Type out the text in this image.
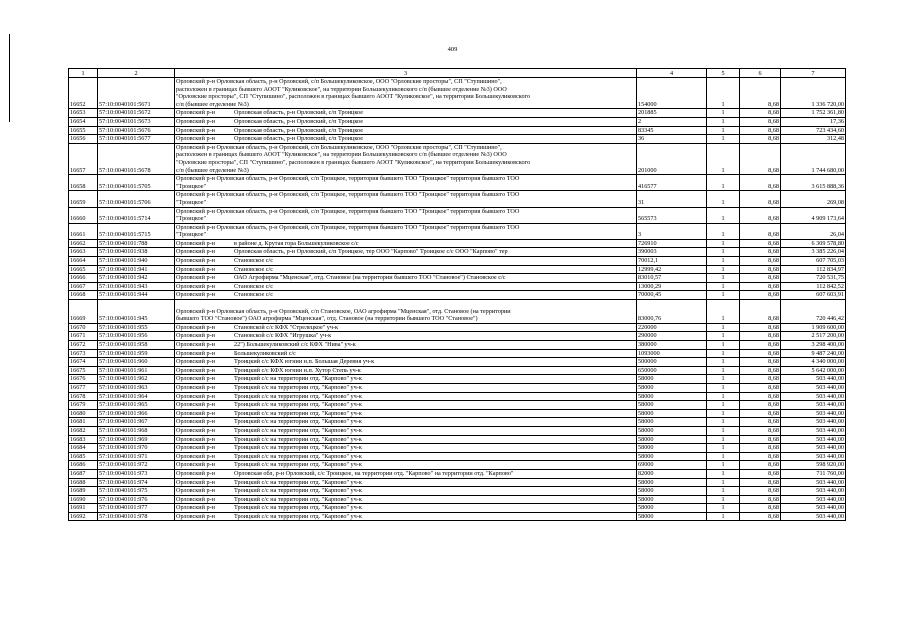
409
1	2	3	4	5	6	7
16652	57:10:0040101:5671	Орловский р-н Орловская область, р-н Орловский, с/п Большекуликовское, ООО "Орловские просторы", СП "Ступишино",
расположен в границах бывшего АООТ "Куликовское", на территории Большекуликовского с/п (бывшее отделение №3) ООО
"Орловские просторы", СП "Ступишино", расположен в границах бывшего АООТ "Куликовское", на территории Большекуликовского
с/п (бывшее отделение №3)	154000	1	8,68	1 336 720,00
16653	57:10:0040101:5672	Орловский р-н Орловская область, р-н Орловский, с/п Троицкое	201885	1	8,68	1 752 361,80
16654	57:10:0040101:5673	Орловский р-н Орловская область, р-н Орловский, с/п Троицкое	2	1	8,68	17,36
16655	57:10:0040101:5676	Орловский р-н Орловская область, р-н Орловский, с/п Троицкое	83345	1	8,68	723 434,60
16656	57:10:0040101:5677	Орловский р-н Орловская область, р-н Орловский, с/п Троицкое	36	1	8,68	312,48
16657	57:10:0040101:5678	Орловский р-н Орловская область, р-н Орловский, с/п Большекуликовское, ООО "Орловские просторы", СП "Ступишино",
расположен в границах бывшего АООТ "Куликовское", на территории Большекуликовского с/п (бывшее отделение №3) ООО
"Орловские просторы", СП "Ступишино", расположен в границах бывшего АООТ "Куликовское", на территории Большекуликовского
с/п (бывшее отделение №3)	201000	1	8,68	1 744 680,00
16658	57:10:0040101:5705	Орловский р-н Орловская область, р-н Орловский, с/п Троицкое, территория бывшего ТОО "Троицкое" территория бывшего ТОО
"Троицкое"	416577	1	8,68	3 615 888,36
16659	57:10:0040101:5706	Орловский р-н Орловская область, р-н Орловский, с/п Троицкое, территория бывшего ТОО "Троицкое" территория бывшего ТОО
"Троицкое"	31	1	8,68	269,08
16660	57:10:0040101:5714	Орловский р-н Орловская область, р-н Орловский, с/п Троицкое, территория бывшего ТОО "Троицкое" территория бывшего ТОО
"Троицкое"	565573	1	8,68	4 909 173,64
16661	57:10:0040101:5715	Орловский р-н Орловская область, р-н Орловский, с/п Троицкое, территория бывшего ТОО "Троицкое" территория бывшего ТОО
"Троицкое"	3	1	8,68	26,04
16662	57:10:0040101:788	Орловский р-н в районе д. Крутая гора Большекуликовское с/с	726910	1	8,68	6 309 578,80
16663	57:10:0040101:938	Орловский р-н Орловская область, р-н Орловский, с/п Троицкое, тер ООО "Карпово" Троицкое с/с ООО "Карпово" тер	390003	1	8,68	3 385 226,04
16664	57:10:0040101:940	Орловский р-н Становское с/с	70012,1	1	8,68	607 705,03
16665	57:10:0040101:941	Орловский р-н Становское с/с	12999,42	1	8,68	112 834,97
16666	57:10:0040101:942	Орловский р-н ОАО Агрофирма "Мценская", отд. Становое (на территории бывшего ТОО "Становое") Становское с/с	83010,57	1	8,68	720 531,75
16667	57:10:0040101:943	Орловский р-н Становское с/с	13000,29	1	8,68	112 842,52
16668	57:10:0040101:944	Орловский р-н Становское с/с	70000,45	1	8,68	607 603,91
16669	57:10:0040101:945	Орловский р-н Орловская область, р-н Орловский, с/п Становское, ОАО агрофирма "Мценская", отд. Становое (на территории
бывшего ТОО "Становое") ОАО агрофирма "Мценская", отд. Становое (на территории бывшего ТОО "Становое")	83000,76	1	8,68	720 446,42
16670	57:10:0040101:955	Орловский р-н Становской с/с КФХ "Стрелецкое" уч-к	220000	1	8,68	1 909 600,00
16671	57:10:0040101:956	Орловский р-н Становской с/с КФХ "Игрушка" уч-к	290000	1	8,68	2 517 200,00
16672	57:10:0040101:958	Орловский р-н 22") Большекуликовский с/с КФХ "Нива" уч-к	380000	1	8,68	3 298 400,00
16673	57:10:0040101:959	Орловский р-н Большекуликовский с/с	1093000	1	8,68	9 487 240,00
16674	57:10:0040101:960	Орловский р-н Троицкий с/с КФХ югнии н.п. Большая Деревня уч-к	500000	1	8,68	4 340 000,00
16675	57:10:0040101:961	Орловский р-н Троицкий с/с КФХ югнии н.п. Хутор Степь уч-к	650000	1	8,68	5 642 000,00
16676	57:10:0040101:962	Орловский р-н Троицкий с/с на территории отд. "Карпово" уч-к	58000	1	8,68	503 440,00
16677	57:10:0040101:963	Орловский р-н Троицкий с/с на территории отд. "Карпово" уч-к	58000	1	8,68	503 440,00
16678	57:10:0040101:964	Орловский р-н Троицкий с/с на территории отд. "Карпово" уч-к	58000	1	8,68	503 440,00
16679	57:10:0040101:965	Орловский р-н Троицкий с/с на территории отд. "Карпово" уч-к	58000	1	8,68	503 440,00
16680	57:10:0040101:966	Орловский р-н Троицкий с/с на территории отд. "Карпово" уч-к	58000	1	8,68	503 440,00
16681	57:10:0040101:967	Орловский р-н Троицкий с/с на территории отд. "Карпово" уч-к	58000	1	8,68	503 440,00
16682	57:10:0040101:968	Орловский р-н Троицкий с/с на территории отд. "Карпово" уч-к	58000	1	8,68	503 440,00
16683	57:10:0040101:969	Орловский р-н Троицкий с/с на территории отд. "Карпово" уч-к	58000	1	8,68	503 440,00
16684	57:10:0040101:970	Орловский р-н Троицкий с/с на территории отд. "Карпово" уч-к	58000	1	8,68	503 440,00
16685	57:10:0040101:971	Орловский р-н Троицкий с/с на территории отд. "Карпово" уч-к	58000	1	8,68	503 440,00
16686	57:10:0040101:972	Орловский р-н Троицкий с/с на территории отд. "Карпово" уч-к	69000	1	8,68	598 920,00
16687	57:10:0040101:973	Орловский р-н Орловская обл, р-н Орловский, с/с Троицкое, на территории отд. "Карпово" на территории отд. "Карпово"	82000	1	8,68	711 760,00
16688	57:10:0040101:974	Орловский р-н Троицкий с/с на территории отд. "Карпово" уч-к	58000	1	8,68	503 440,00
16689	57:10:0040101:975	Орловский р-н Троицкий с/с на территории отд. "Карпово" уч-к	58000	1	8,68	503 440,00
16690	57:10:0040101:976	Орловский р-н Троицкий с/с на территории отд. "Карпово" уч-к	58000	1	8,68	503 440,00
16691	57:10:0040101:977	Орловский р-н Троицкий с/с на территории отд. "Карпово" уч-к	58000	1	8,68	503 440,00
16692	57:10:0040101:978	Орловский р-н Троицкий с/с на территории отд. "Карпово" уч-к	58000	1	8,68	503 440,00
